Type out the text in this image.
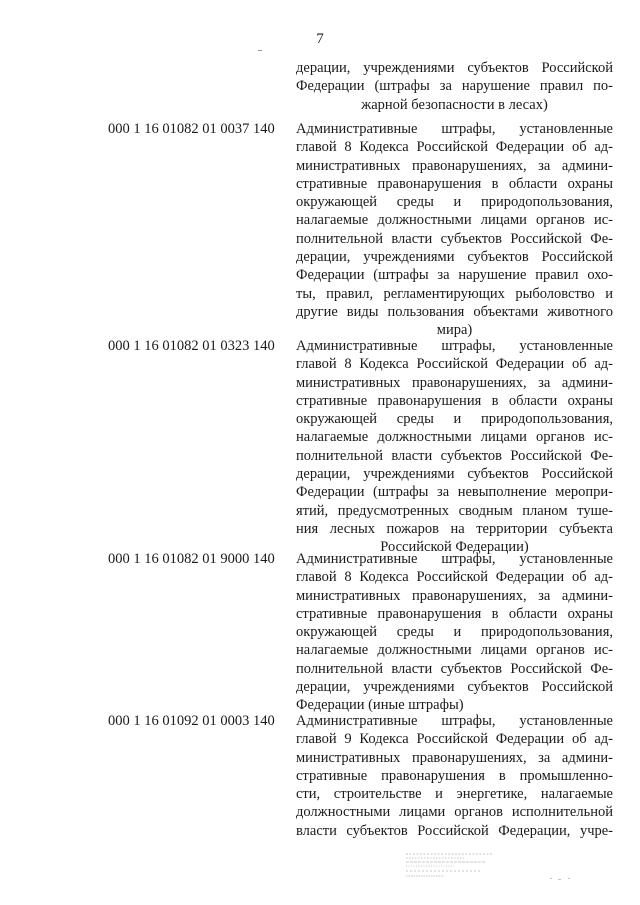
7
дерации, учреждениями субъектов Российской
Федерации (штрафы за нарушение правил по-
жарной безопасности в лесах)
000 1 16 01082 01 0037 140 Административные штрафы, установленные
главой 8 Кодекса Российской Федерации об ад-
министративных правонарушениях, за админи-
стративные правонарушения в области охраны
окружающей среды и природопользования,
налагаемые должностными лицами органов ис-
полнительной власти субъектов Российской Фе-
дерации, учреждениями субъектов Российской
Федерации (штрафы за нарушение правил охо-
ты, правил, регламентирующих рыболовство и
другие виды пользования объектами животного
мира)
000 1 16 01082 01 0323 140 Административные штрафы, установленные
главой 8 Кодекса Российской Федерации об ад-
министративных правонарушениях, за админи-
стративные правонарушения в области охраны
окружающей среды и природопользования,
налагаемые должностными лицами органов ис-
полнительной власти субъектов Российской Фе-
дерации, учреждениями субъектов Российской
Федерации (штрафы за невыполнение меропри-
ятий, предусмотренных сводным планом туше-
ния лесных пожаров на территории субъекта
Российской Федерации)
000 1 16 01082 01 9000 140 Административные штрафы, установленные
главой 8 Кодекса Российской Федерации об ад-
министративных правонарушениях, за админи-
стративные правонарушения в области охраны
окружающей среды и природопользования,
налагаемые должностными лицами органов ис-
полнительной власти субъектов Российской Фе-
дерации, учреждениями субъектов Российской
Федерации (иные штрафы)
000 1 16 01092 01 0003 140 Административные штрафы, установленные
главой 9 Кодекса Российской Федерации об ад-
министративных правонарушениях, за админи-
стративные правонарушения в промышленно-
сти, строительстве и энергетике, налагаемые
должностными лицами органов исполнительной
власти субъектов Российской Федерации, учре-
